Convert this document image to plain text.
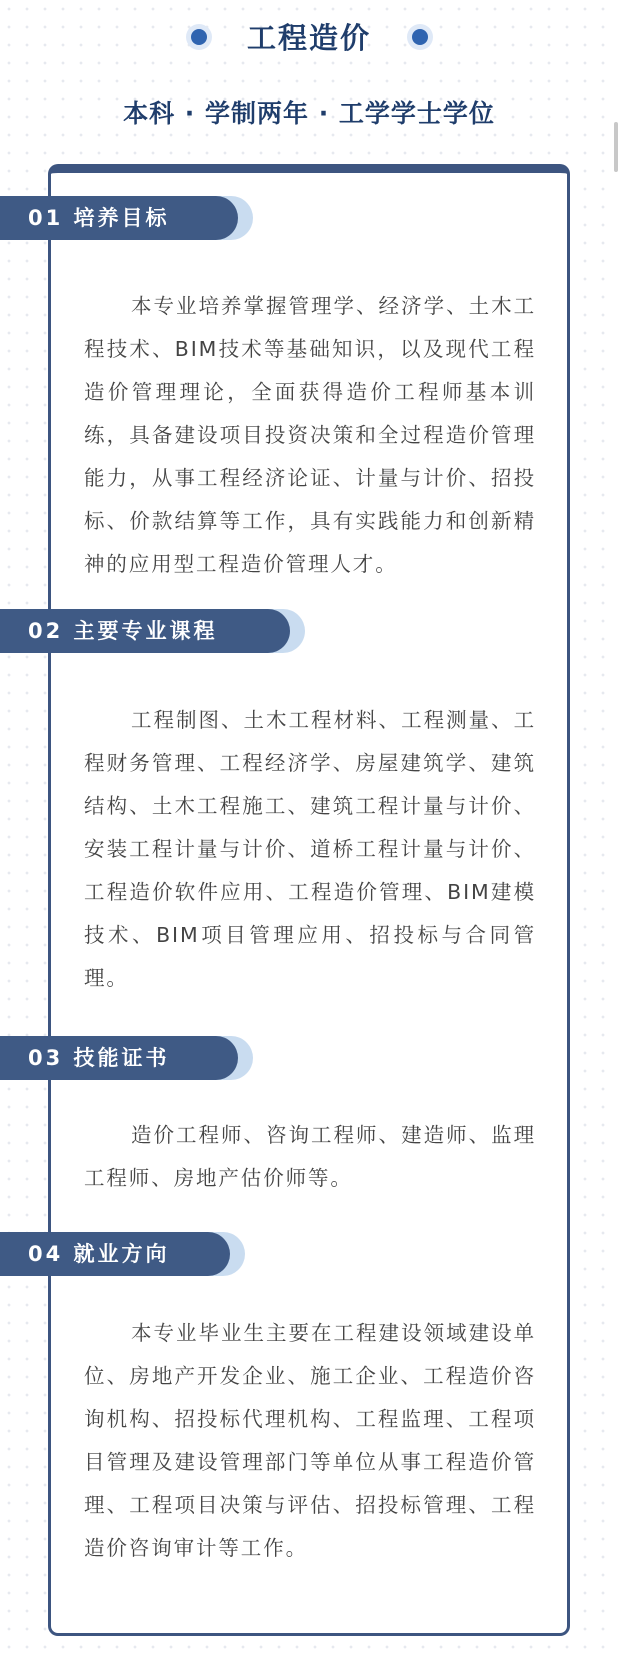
工程造价
本科 · 学制两年 · 工学学士学位
01 培养目标

本专业培养掌握管理学、经济学、土木工程技术、BIM技术等基础知识，以及现代工程造价管理理论，全面获得造价工程师基本训练，具备建设项目投资决策和全过程造价管理能力，从事工程经济论证、计量与计价、招投标、价款结算等工作，具有实践能力和创新精神的应用型工程造价管理人才。

02 主要专业课程

工程制图、土木工程材料、工程测量、工程财务管理、工程经济学、房屋建筑学、建筑结构、土木工程施工、建筑工程计量与计价、安装工程计量与计价、道桥工程计量与计价、工程造价软件应用、工程造价管理、BIM建模技术、BIM项目管理应用、招投标与合同管理。

03 技能证书

造价工程师、咨询工程师、建造师、监理工程师、房地产估价师等。

04 就业方向

本专业毕业生主要在工程建设领域建设单位、房地产开发企业、施工企业、工程造价咨询机构、招投标代理机构、工程监理、工程项目管理及建设管理部门等单位从事工程造价管理、工程项目决策与评估、招投标管理、工程造价咨询审计等工作。
